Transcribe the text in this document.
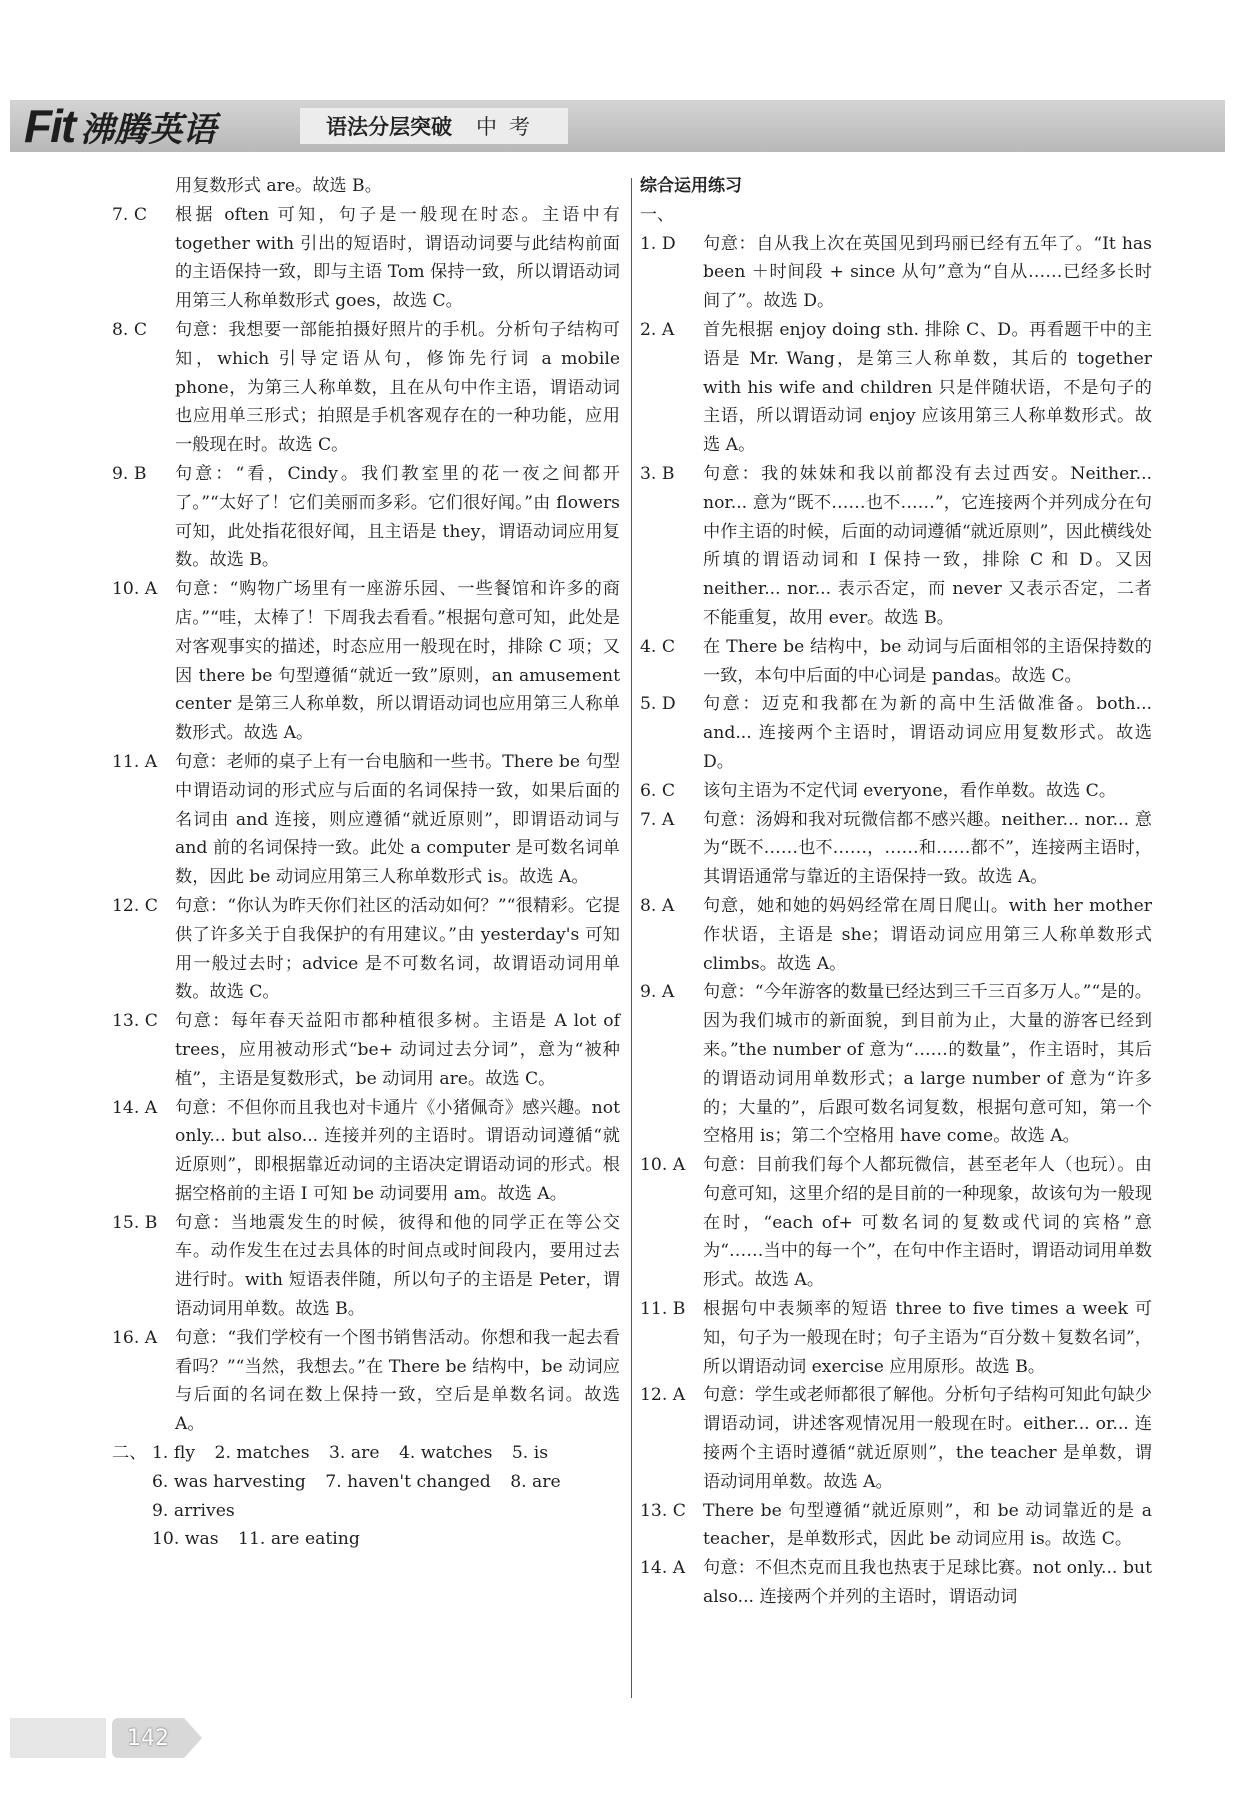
Fit 沸腾英语	语法分层突破 中考
用复数形式 are。故选 B。
7. C 根据 often 可知，句子是一般现在时态。主语中有 together with 引出的短语时，谓语动词要与此结构前面的主语保持一致，即与主语 Tom 保持一致，所以谓语动词用第三人称单数形式 goes，故选 C。
8. C 句意：我想要一部能拍摄好照片的手机。分析句子结构可知，which 引导定语从句，修饰先行词 a mobile phone，为第三人称单数，且在从句中作主语，谓语动词也应用单三形式；拍照是手机客观存在的一种功能，应用一般现在时。故选 C。
9. B 句意：“看，Cindy。我们教室里的花一夜之间都开了。”“太好了！它们美丽而多彩。它们很好闻。”由 flowers 可知，此处指花很好闻，且主语是 they，谓语动词应用复数。故选 B。
10. A 句意：“购物广场里有一座游乐园、一些餐馆和许多的商店。”“哇，太棒了！下周我去看看。”根据句意可知，此处是对客观事实的描述，时态应用一般现在时，排除 C 项；又因 there be 句型遵循“就近一致”原则，an amusement center 是第三人称单数，所以谓语动词也应用第三人称单数形式。故选 A。
11. A 句意：老师的桌子上有一台电脑和一些书。There be 句型中谓语动词的形式应与后面的名词保持一致，如果后面的名词由 and 连接，则应遵循“就近原则”，即谓语动词与 and 前的名词保持一致。此处 a computer 是可数名词单数，因此 be 动词应用第三人称单数形式 is。故选 A。
12. C 句意：“你认为昨天你们社区的活动如何？”“很精彩。它提供了许多关于自我保护的有用建议。”由 yesterday's 可知用一般过去时；advice 是不可数名词，故谓语动词用单数。故选 C。
13. C 句意：每年春天益阳市都种植很多树。主语是 A lot of trees，应用被动形式“be+ 动词过去分词”，意为“被种植”，主语是复数形式，be 动词用 are。故选 C。
14. A 句意：不但你而且我也对卡通片《小猪佩奇》感兴趣。not only... but also... 连接并列的主语时。谓语动词遵循“就近原则”，即根据靠近动词的主语决定谓语动词的形式。根据空格前的主语 I 可知 be 动词要用 am。故选 A。
15. B 句意：当地震发生的时候，彼得和他的同学正在等公交车。动作发生在过去具体的时间点或时间段内，要用过去进行时。with 短语表伴随，所以句子的主语是 Peter，谓语动词用单数。故选 B。
16. A 句意：“我们学校有一个图书销售活动。你想和我一起去看看吗？”“当然，我想去。”在 There be 结构中，be 动词应与后面的名词在数上保持一致，空后是单数名词。故选 A。
二、 1. fly 2. matches 3. are 4. watches 5. is
6. was harvesting 7. haven't changed 8. are 9. arrives
10. was 11. are eating
综合运用练习
一、
1. D 句意：自从我上次在英国见到玛丽已经有五年了。“It has been ＋时间段 + since 从句”意为“自从……已经多长时间了”。故选 D。
2. A 首先根据 enjoy doing sth. 排除 C、D。再看题干中的主语是 Mr. Wang，是第三人称单数，其后的 together with his wife and children 只是伴随状语，不是句子的主语，所以谓语动词 enjoy 应该用第三人称单数形式。故选 A。
3. B 句意：我的妹妹和我以前都没有去过西安。Neither... nor... 意为“既不……也不……”，它连接两个并列成分在句中作主语的时候，后面的动词遵循“就近原则”，因此横线处所填的谓语动词和 I 保持一致，排除 C 和 D。又因 neither... nor... 表示否定，而 never 又表示否定，二者不能重复，故用 ever。故选 B。
4. C 在 There be 结构中，be 动词与后面相邻的主语保持数的一致，本句中后面的中心词是 pandas。故选 C。
5. D 句意：迈克和我都在为新的高中生活做准备。both... and... 连接两个主语时，谓语动词应用复数形式。故选 D。
6. C 该句主语为不定代词 everyone，看作单数。故选 C。
7. A 句意：汤姆和我对玩微信都不感兴趣。neither... nor... 意为“既不……也不……，……和……都不”，连接两主语时，其谓语通常与靠近的主语保持一致。故选 A。
8. A 句意，她和她的妈妈经常在周日爬山。with her mother 作状语，主语是 she；谓语动词应用第三人称单数形式 climbs。故选 A。
9. A 句意：“今年游客的数量已经达到三千三百多万人。”“是的。因为我们城市的新面貌，到目前为止，大量的游客已经到来。”the number of 意为“……的数量”，作主语时，其后的谓语动词用单数形式；a large number of 意为“许多的；大量的”，后跟可数名词复数，根据句意可知，第一个空格用 is；第二个空格用 have come。故选 A。
10. A 句意：目前我们每个人都玩微信，甚至老年人（也玩）。由句意可知，这里介绍的是目前的一种现象，故该句为一般现在时，“each of+ 可数名词的复数或代词的宾格”意为“……当中的每一个”，在句中作主语时，谓语动词用单数形式。故选 A。
11. B 根据句中表频率的短语 three to five times a week 可知，句子为一般现在时；句子主语为“百分数＋复数名词”，所以谓语动词 exercise 应用原形。故选 B。
12. A 句意：学生或老师都很了解他。分析句子结构可知此句缺少谓语动词，讲述客观情况用一般现在时。either... or... 连接两个主语时遵循“就近原则”，the teacher 是单数，谓语动词用单数。故选 A。
13. C There be 句型遵循“就近原则”，和 be 动词靠近的是 a teacher，是单数形式，因此 be 动词应用 is。故选 C。
14. A 句意：不但杰克而且我也热衷于足球比赛。not only... but also... 连接两个并列的主语时，谓语动词
142
